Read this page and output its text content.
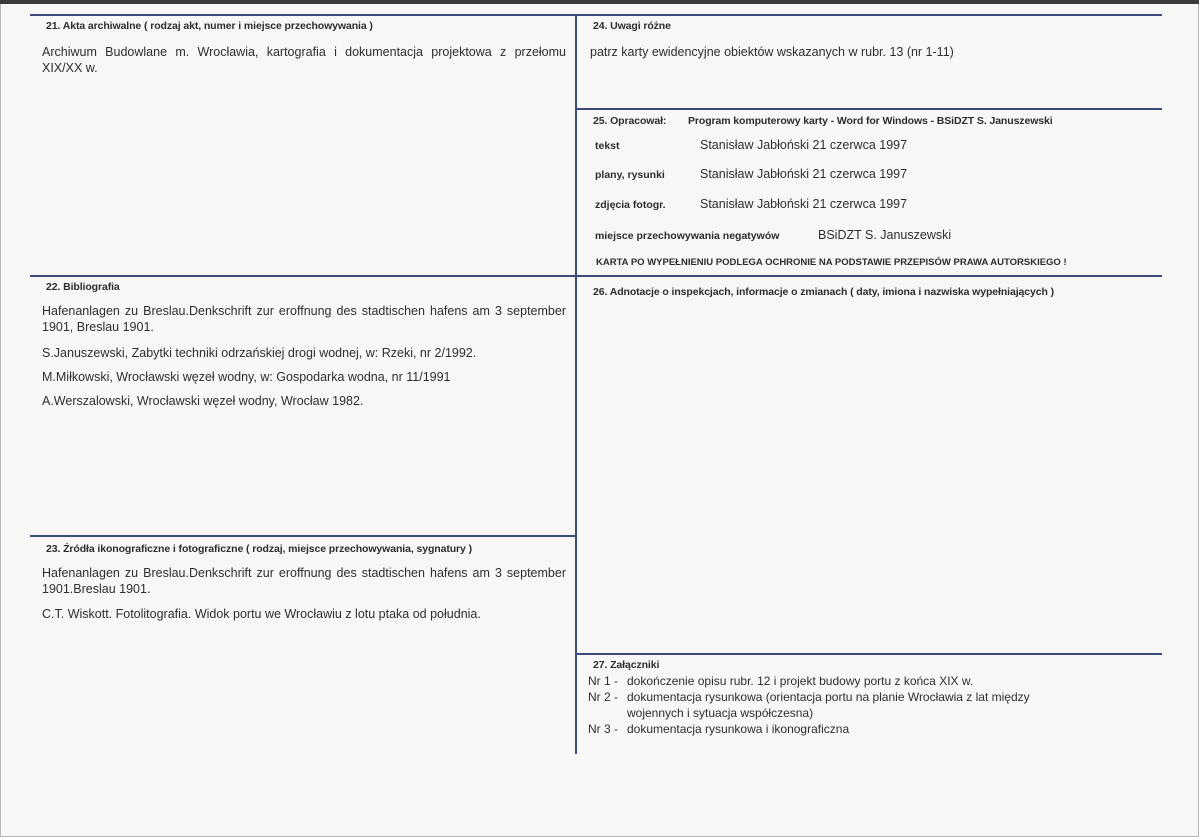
21. Akta archiwalne ( rodzaj akt, numer i miejsce przechowywania )
Archiwum Budowlane m. Wrocławia, kartografia i dokumentacja projektowa z przełomu XIX/XX w.
22. Bibliografia
Hafenanlagen zu Breslau.Denkschrift zur eroffnung des stadtischen hafens am 3 september 1901, Breslau 1901.
S.Januszewski, Zabytki techniki odrzańskiej drogi wodnej, w: Rzeki, nr 2/1992.
M.Miłkowski, Wrocławski węzeł wodny, w: Gospodarka wodna, nr 11/1991
A.Werszalowski, Wrocławski węzeł wodny, Wrocław 1982.
23. Źródła ikonograficzne i fotograficzne ( rodzaj, miejsce przechowywania, sygnatury )
Hafenanlagen zu Breslau.Denkschrift zur eroffnung des stadtischen hafens am 3 september 1901.Breslau 1901.
C.T. Wiskott. Fotolitografia. Widok portu we Wrocławiu z lotu ptaka od południa.
24. Uwagi różne
patrz karty ewidencyjne obiektów wskazanych w rubr. 13 (nr 1-11)
25. Opracował: Program komputerowy karty - Word for Windows - BSiDZT S. Januszewski
tekst	Stanisław Jabłoński 21 czerwca 1997
plany, rysunki	Stanisław Jabłoński 21 czerwca 1997
zdjęcia fotogr.	Stanisław Jabłoński 21 czerwca 1997
miejsce przechowywania negatywów	BSiDZT S. Januszewski
KARTA PO WYPEŁNIENIU PODLEGA OCHRONIE NA PODSTAWIE PRZEPISÓW PRAWA AUTORSKIEGO !
26. Adnotacje o inspekcjach, informacje o zmianach ( daty, imiona i nazwiska wypełniających )
27. Załączniki
Nr 1 - dokończenie opisu rubr. 12 i projekt budowy portu z końca XIX w.
Nr 2 - dokumentacja rysunkowa (orientacja portu na planie Wrocławia z lat między
wojennych i sytuacja współczesna)
Nr 3 - dokumentacja rysunkowa i ikonograficzna
